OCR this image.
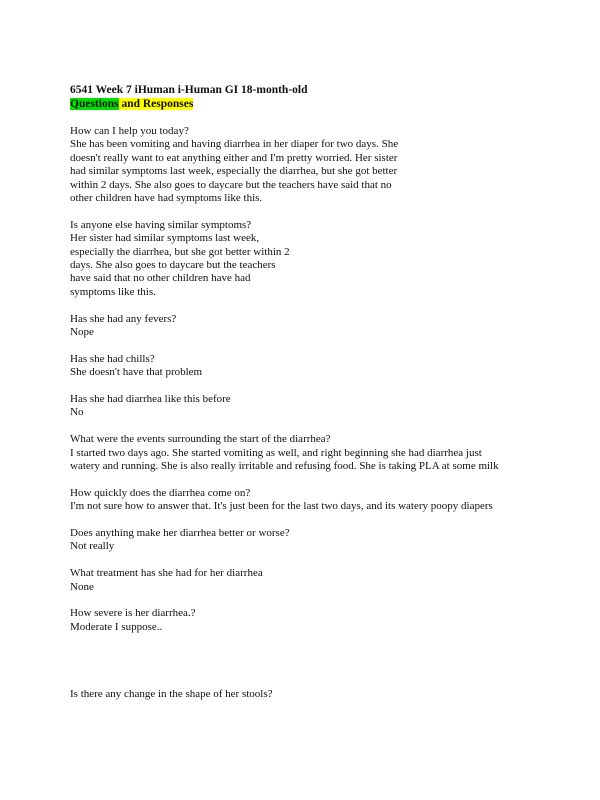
6541 Week 7 iHuman i-Human GI 18-month-old
Questions and Responses

How can I help you today?
She has been vomiting and having diarrhea in her diaper for two days. She
doesn't really want to eat anything either and I'm pretty worried. Her sister
had similar symptoms last week, especially the diarrhea, but she got better
within 2 days. She also goes to daycare but the teachers have said that no
other children have had symptoms like this.

Is anyone else having similar symptoms?
Her sister had similar symptoms last week,
especially the diarrhea, but she got better within 2
days. She also goes to daycare but the teachers
have said that no other children have had
symptoms like this.

Has she had any fevers?
Nope

Has she had chills?
She doesn't have that problem

Has she had diarrhea like this before
No

What were the events surrounding the start of the diarrhea?
I started two days ago. She started vomiting as well, and right beginning she had diarrhea just
watery and running. She is also really irritable and refusing food. She is taking PLA at some milk

How quickly does the diarrhea come on?
I'm not sure how to answer that. It's just been for the last two days, and its watery poopy diapers

Does anything make her diarrhea better or worse?
Not really

What treatment has she had for her diarrhea
None

How severe is her diarrhea.?
Moderate I suppose..

Is there any change in the shape of her stools?
